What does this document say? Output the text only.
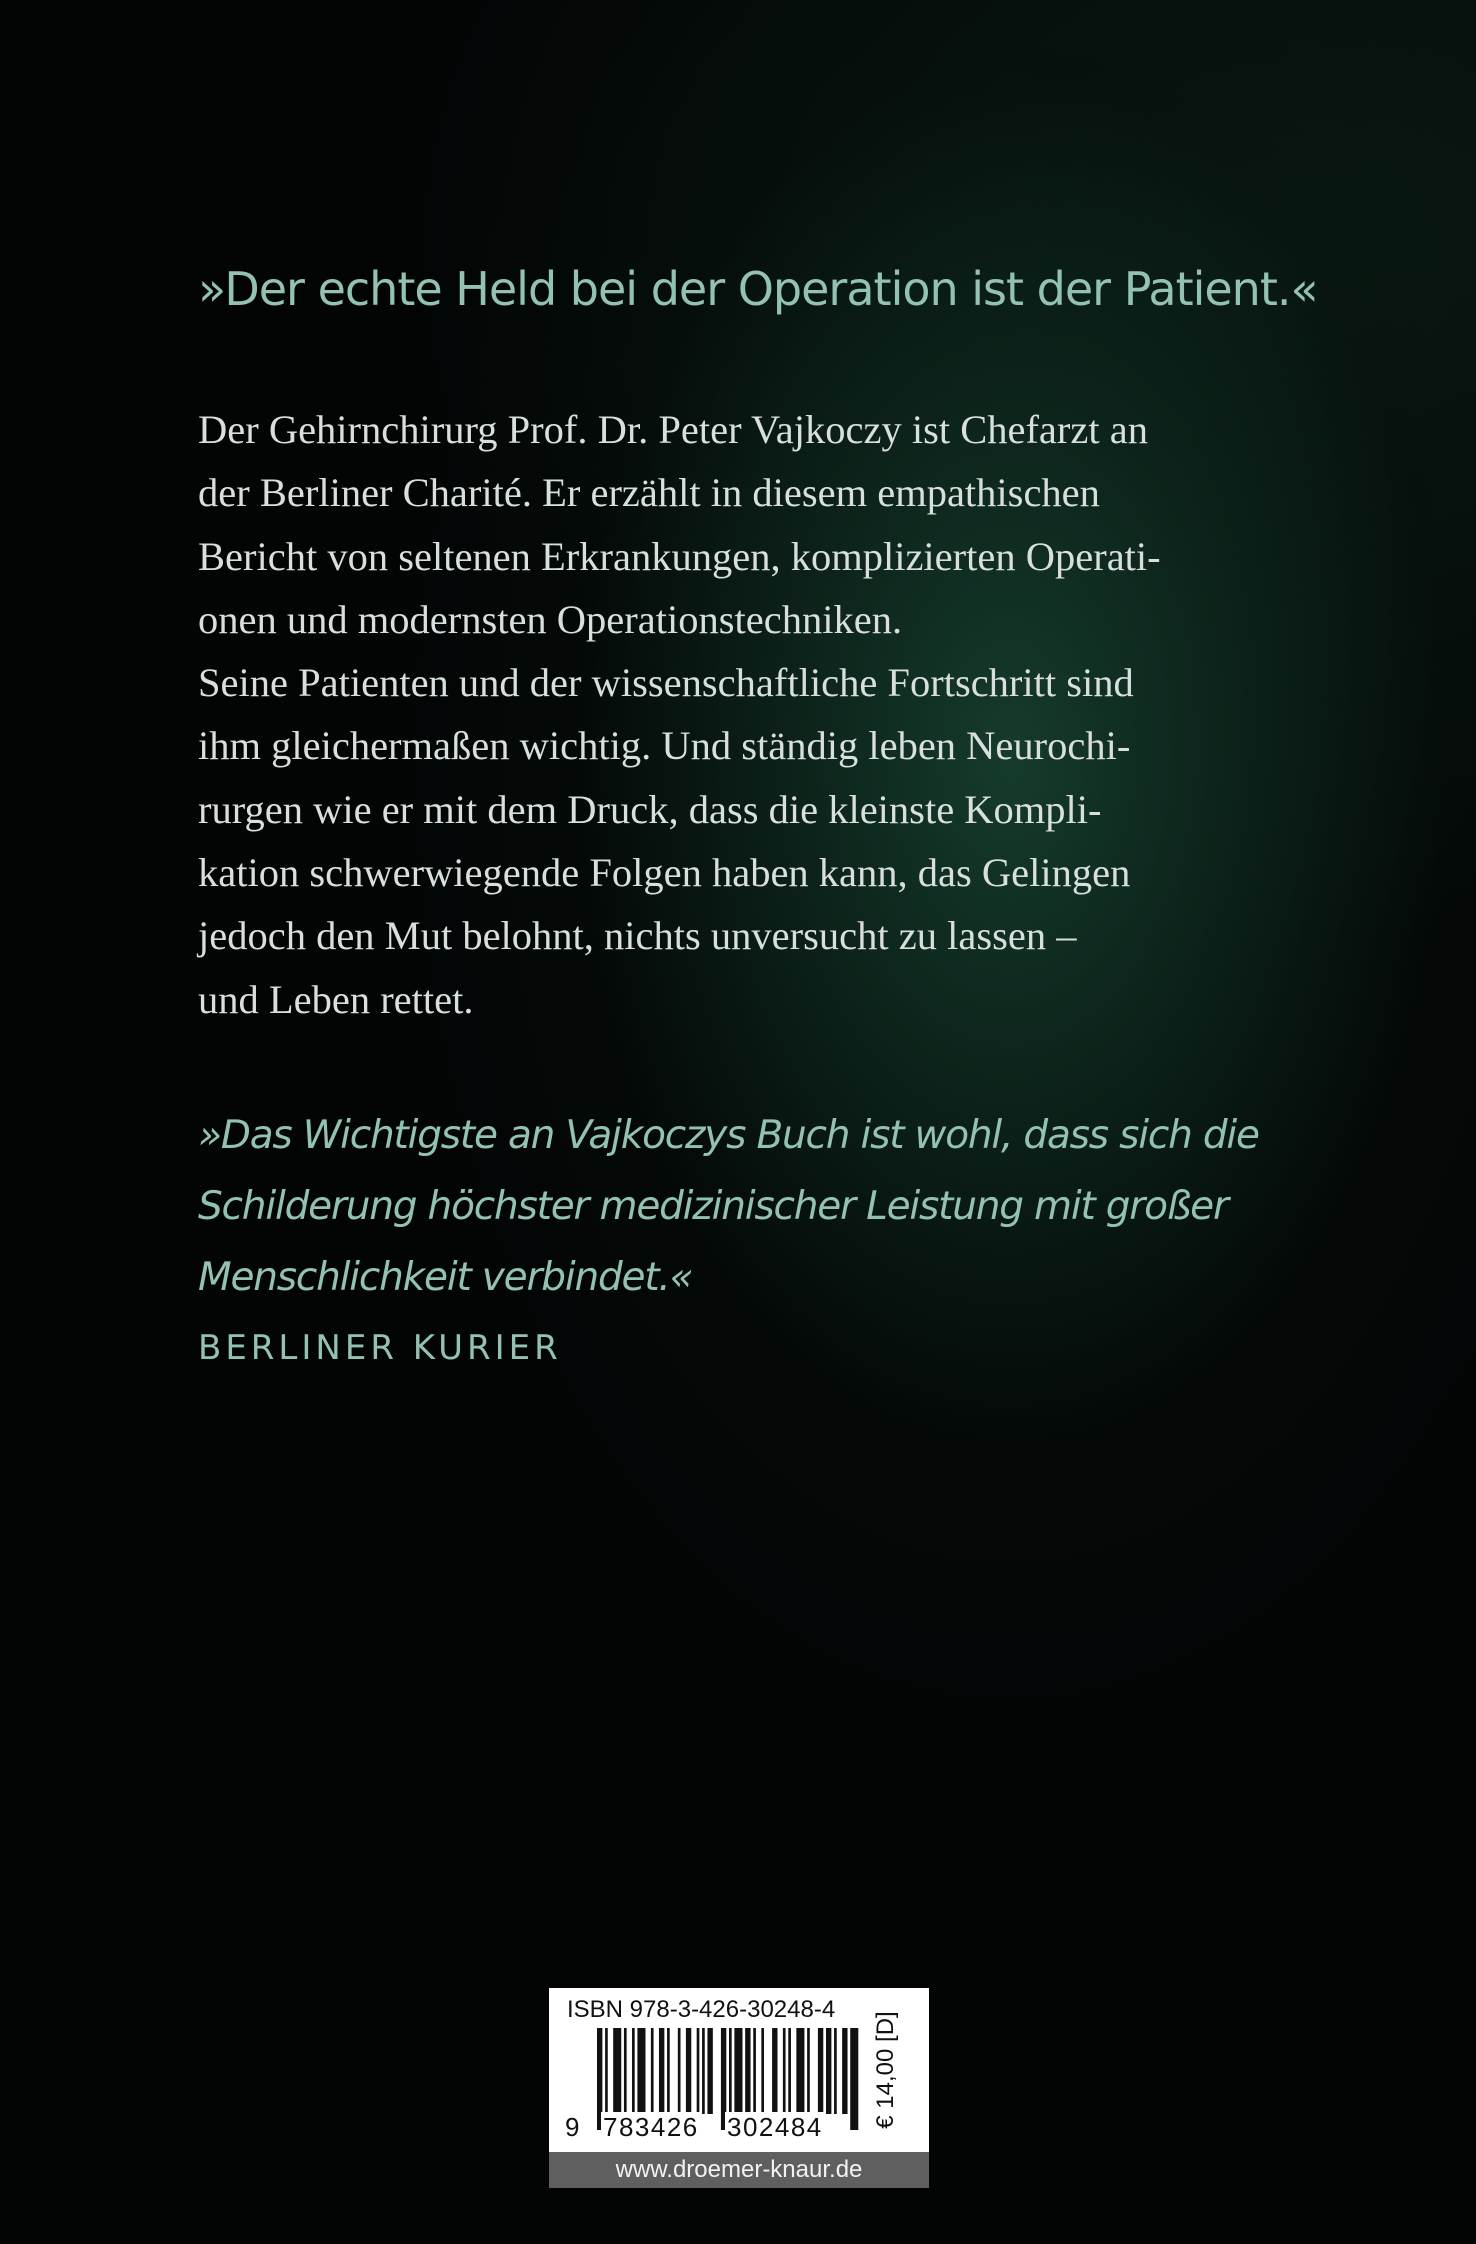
»Der echte Held bei der Operation ist der Patient.«
Der Gehirnchirurg Prof. Dr. Peter Vajkoczy ist Chefarzt an
der Berliner Charité. Er erzählt in diesem empathischen
Bericht von seltenen Erkrankungen, komplizierten Operati-
onen und modernsten Operationstechniken.
Seine Patienten und der wissenschaftliche Fortschritt sind
ihm gleichermaßen wichtig. Und ständig leben Neurochi-
rurgen wie er mit dem Druck, dass die kleinste Kompli-
kation schwerwiegende Folgen haben kann, das Gelingen
jedoch den Mut belohnt, nichts unversucht zu lassen –
und Leben rettet.
»Das Wichtigste an Vajkoczys Buch ist wohl, dass sich die
Schilderung höchster medizinischer Leistung mit großer
Menschlichkeit verbindet.«
BERLINER KURIER
ISBN 978-3-426-30248-4
9 783426 302484 € 14,00 [D]
www.droemer-knaur.de
